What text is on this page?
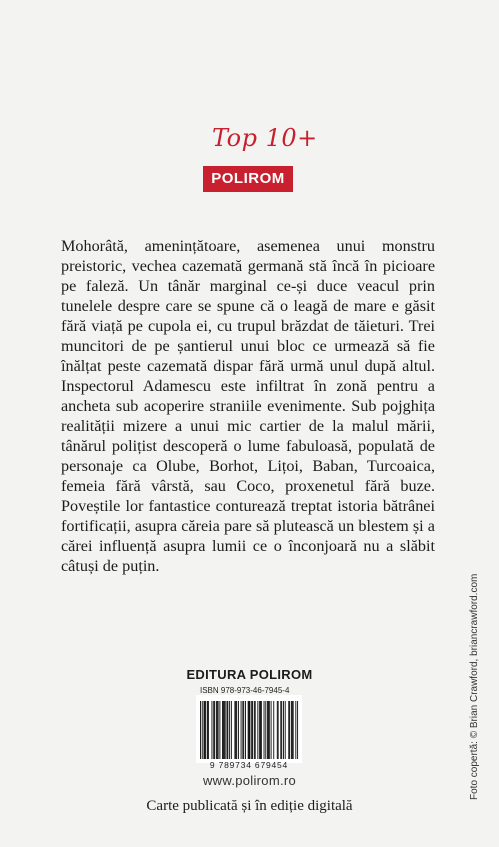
Top 10+
POLIROM

Mohorâtă, amenințătoare, asemenea unui monstru preistoric, vechea cazemată germană stă încă în picioare pe faleză. Un tânăr marginal ce-și duce veacul prin tunelele despre care se spune că o leagă de mare e găsit fără viață pe cupola ei, cu trupul brăzdat de tăieturi. Trei muncitori de pe șantierul unui bloc ce urmează să fie înălțat peste cazemată dispar fără urmă unul după altul. Inspectorul Adamescu este infiltrat în zonă pentru a ancheta sub acoperire straniile evenimente. Sub pojghița realității mizere a unui mic cartier de la malul mării, tânărul polițist descoperă o lume fabuloasă, populată de personaje ca Olube, Borhot, Lițoi, Baban, Turcoaica, femeia fără vârstă, sau Coco, proxenetul fără buze. Poveștile lor fantastice conturează treptat istoria bătrânei fortificații, asupra căreia pare să plutească un blestem și a cărei influență asupra lumii ce o înconjoară nu a slăbit câtuși de puțin.

Foto copertă: © Brian Crawford, briancrawford.com
EDITURA POLIROM
ISBN 978-973-46-7945-4
9 789734 679454
www.polirom.ro
Carte publicată și în ediție digitală
